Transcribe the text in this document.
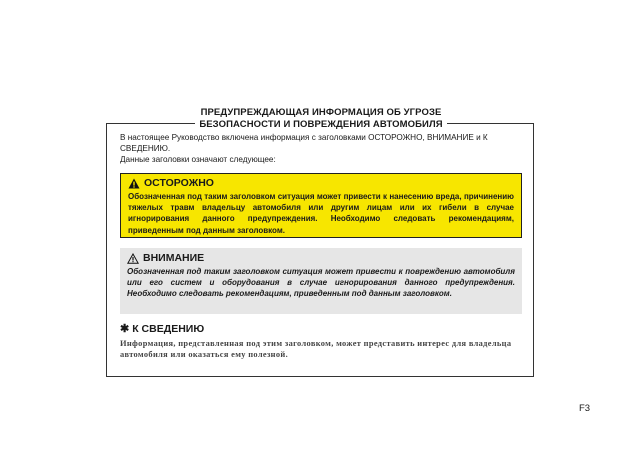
ПРЕДУПРЕЖДАЮЩАЯ ИНФОРМАЦИЯ ОБ УГРОЗЕ
БЕЗОПАСНОСТИ И ПОВРЕЖДЕНИЯ АВТОМОБИЛЯ
В настоящее Руководство включена информация с заголовками ОСТОРОЖНО, ВНИМАНИЕ и К СВЕДЕНИЮ.
Данные заголовки означают следующее:
ОСТОРОЖНО
Обозначенная под таким заголовком ситуация может привести к нанесению вреда, причинению тяжелых травм владельцу автомобиля или другим лицам или их гибели в случае игнорирования данного предупреждения. Необходимо следовать рекомендациям, приведенным под данным заголовком.
ВНИМАНИЕ
Обозначенная под таким заголовком ситуация может привести к повреждению автомобиля или его систем и оборудования в случае игнорирования данного предупреждения. Необходимо следовать рекомендациям, приведенным под данным заголовком.
✱ К СВЕДЕНИЮ
Информация, представленная под этим заголовком, может представить интерес для владельца автомобиля или оказаться ему полезной.
F3
